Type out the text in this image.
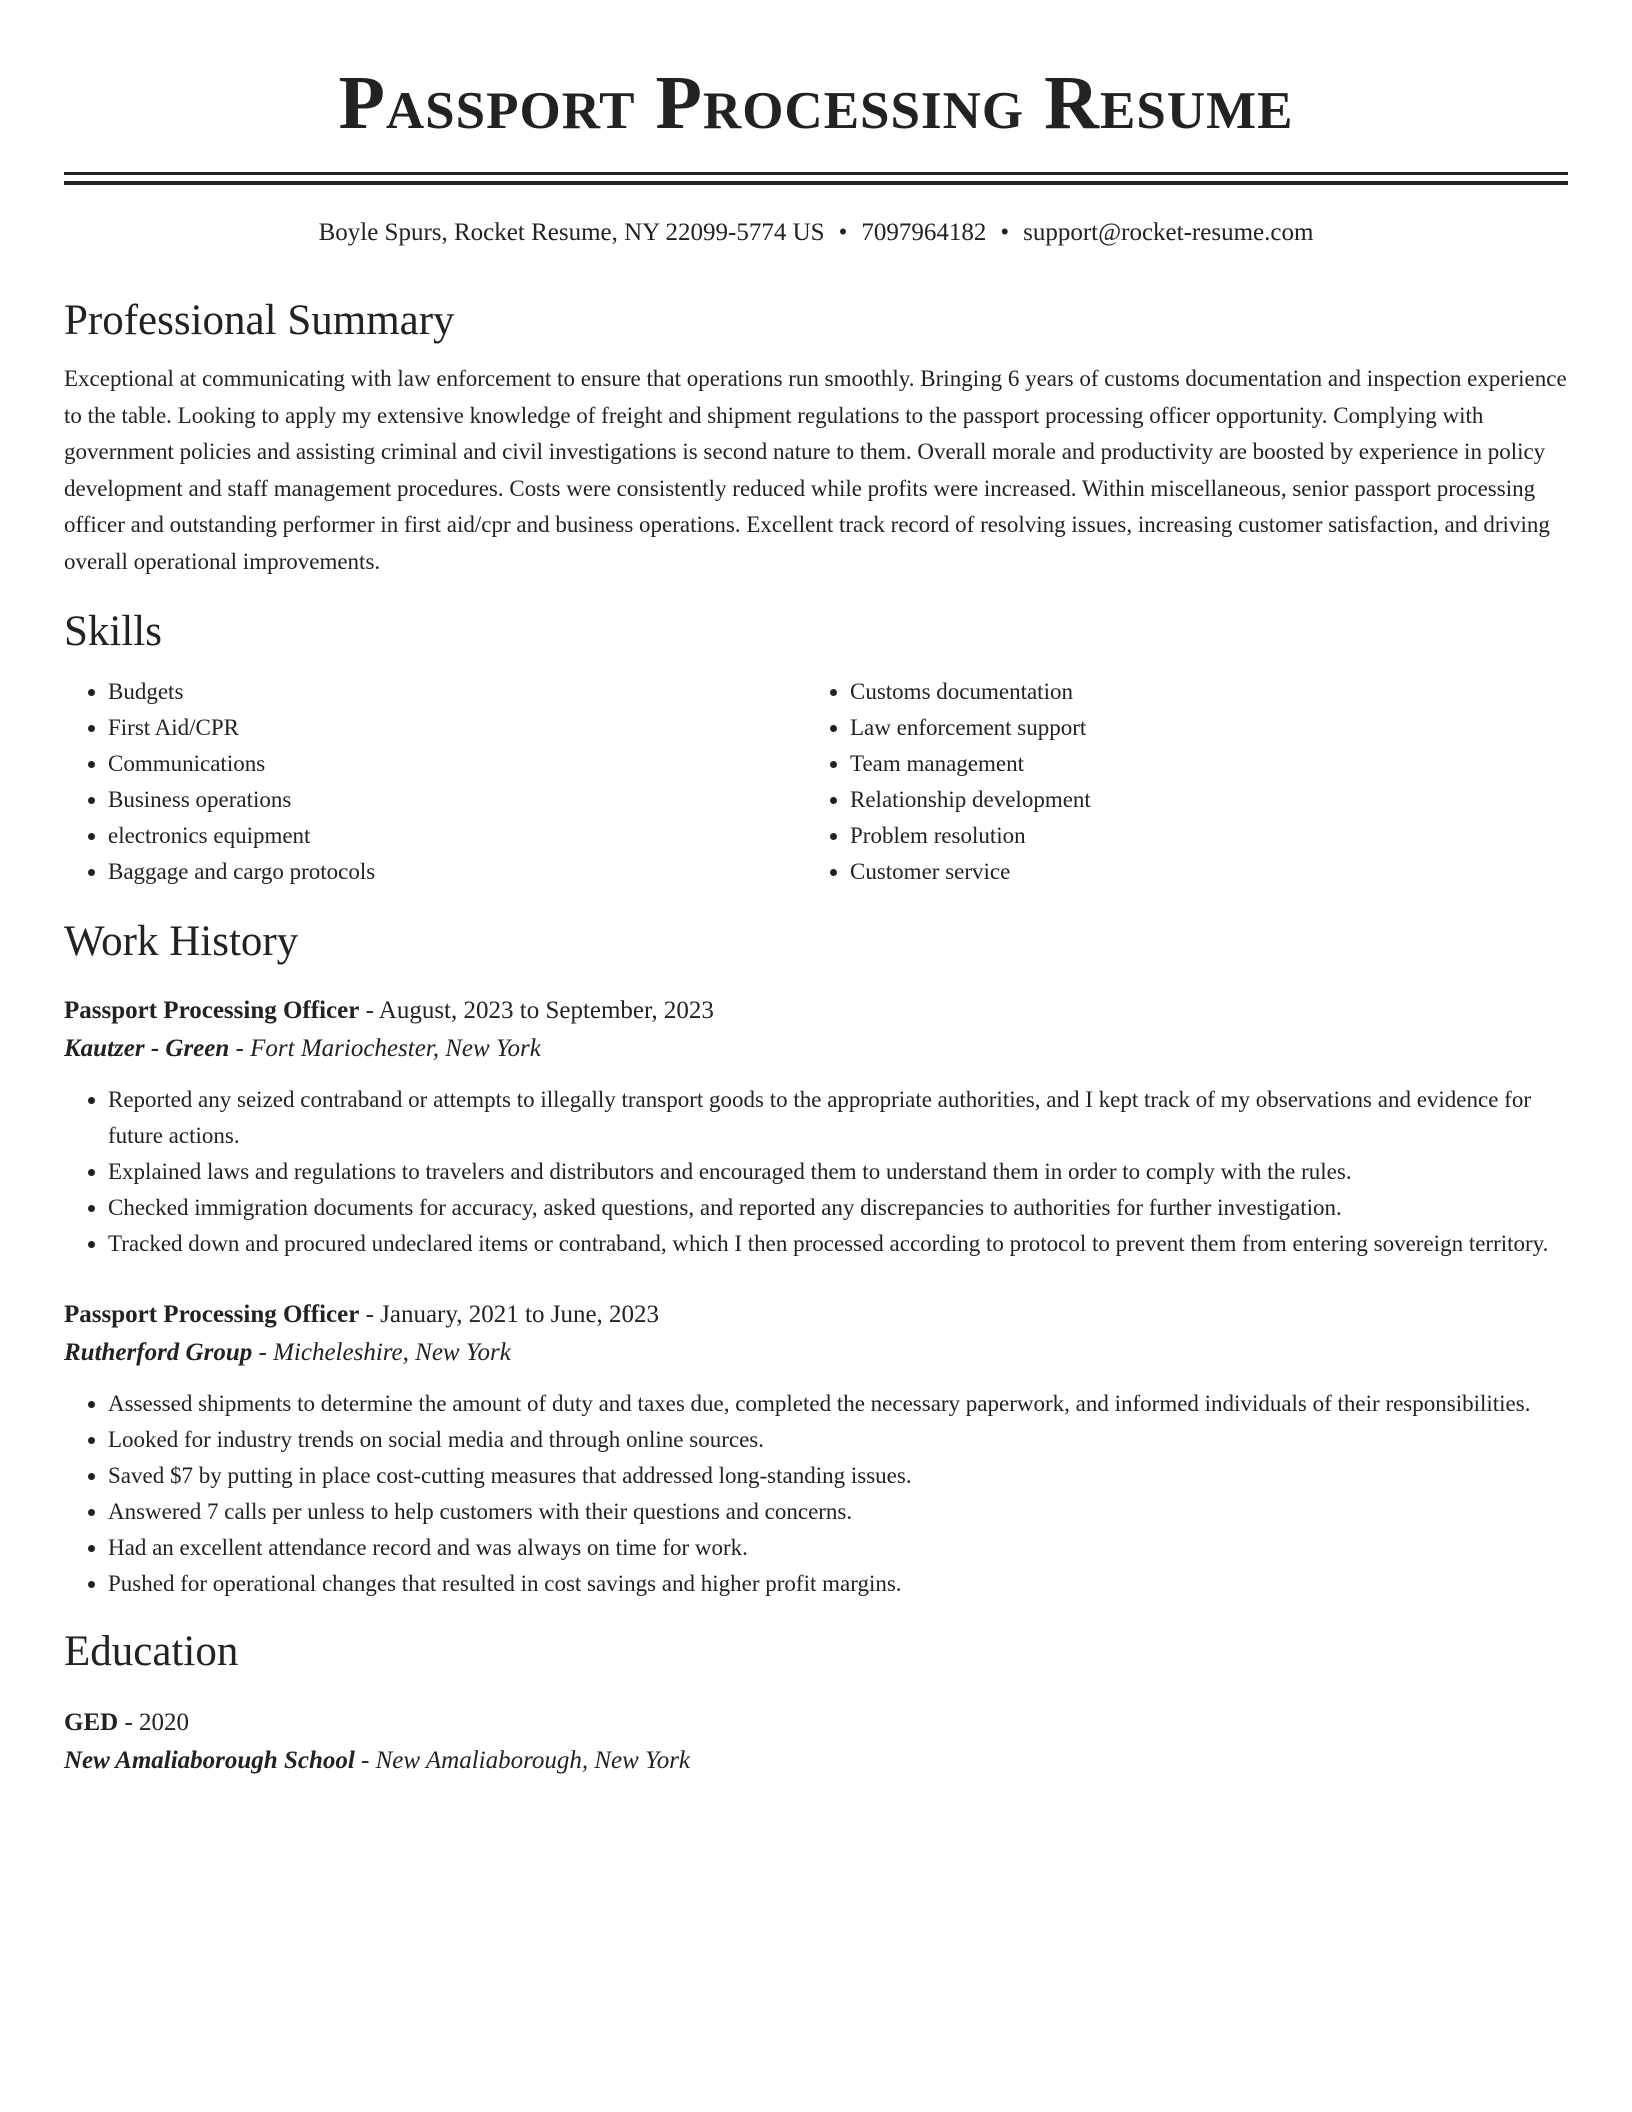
Passport Processing Resume
Boyle Spurs, Rocket Resume, NY 22099-5774 US • 7097964182 • support@rocket-resume.com
Professional Summary

Exceptional at communicating with law enforcement to ensure that operations run smoothly. Bringing 6 years of customs documentation and inspection experience to the table. Looking to apply my extensive knowledge of freight and shipment regulations to the passport processing officer opportunity. Complying with government policies and assisting criminal and civil investigations is second nature to them. Overall morale and productivity are boosted by experience in policy development and staff management procedures. Costs were consistently reduced while profits were increased. Within miscellaneous, senior passport processing officer and outstanding performer in first aid/cpr and business operations. Excellent track record of resolving issues, increasing customer satisfaction, and driving overall operational improvements.

Skills
• Budgets
• First Aid/CPR
• Communications
• Business operations
• electronics equipment
• Baggage and cargo protocols
• Customs documentation
• Law enforcement support
• Team management
• Relationship development
• Problem resolution
• Customer service
Work History
Passport Processing Officer - August, 2023 to September, 2023
Kautzer - Green - Fort Mariochester, New York
• Reported any seized contraband or attempts to illegally transport goods to the appropriate authorities, and I kept track of my observations and evidence for future actions.
• Explained laws and regulations to travelers and distributors and encouraged them to understand them in order to comply with the rules.
• Checked immigration documents for accuracy, asked questions, and reported any discrepancies to authorities for further investigation.
• Tracked down and procured undeclared items or contraband, which I then processed according to protocol to prevent them from entering sovereign territory.
Passport Processing Officer - January, 2021 to June, 2023
Rutherford Group - Micheleshire, New York
• Assessed shipments to determine the amount of duty and taxes due, completed the necessary paperwork, and informed individuals of their responsibilities.
• Looked for industry trends on social media and through online sources.
• Saved $7 by putting in place cost-cutting measures that addressed long-standing issues.
• Answered 7 calls per unless to help customers with their questions and concerns.
• Had an excellent attendance record and was always on time for work.
• Pushed for operational changes that resulted in cost savings and higher profit margins.
Education
GED - 2020
New Amaliaborough School - New Amaliaborough, New York
